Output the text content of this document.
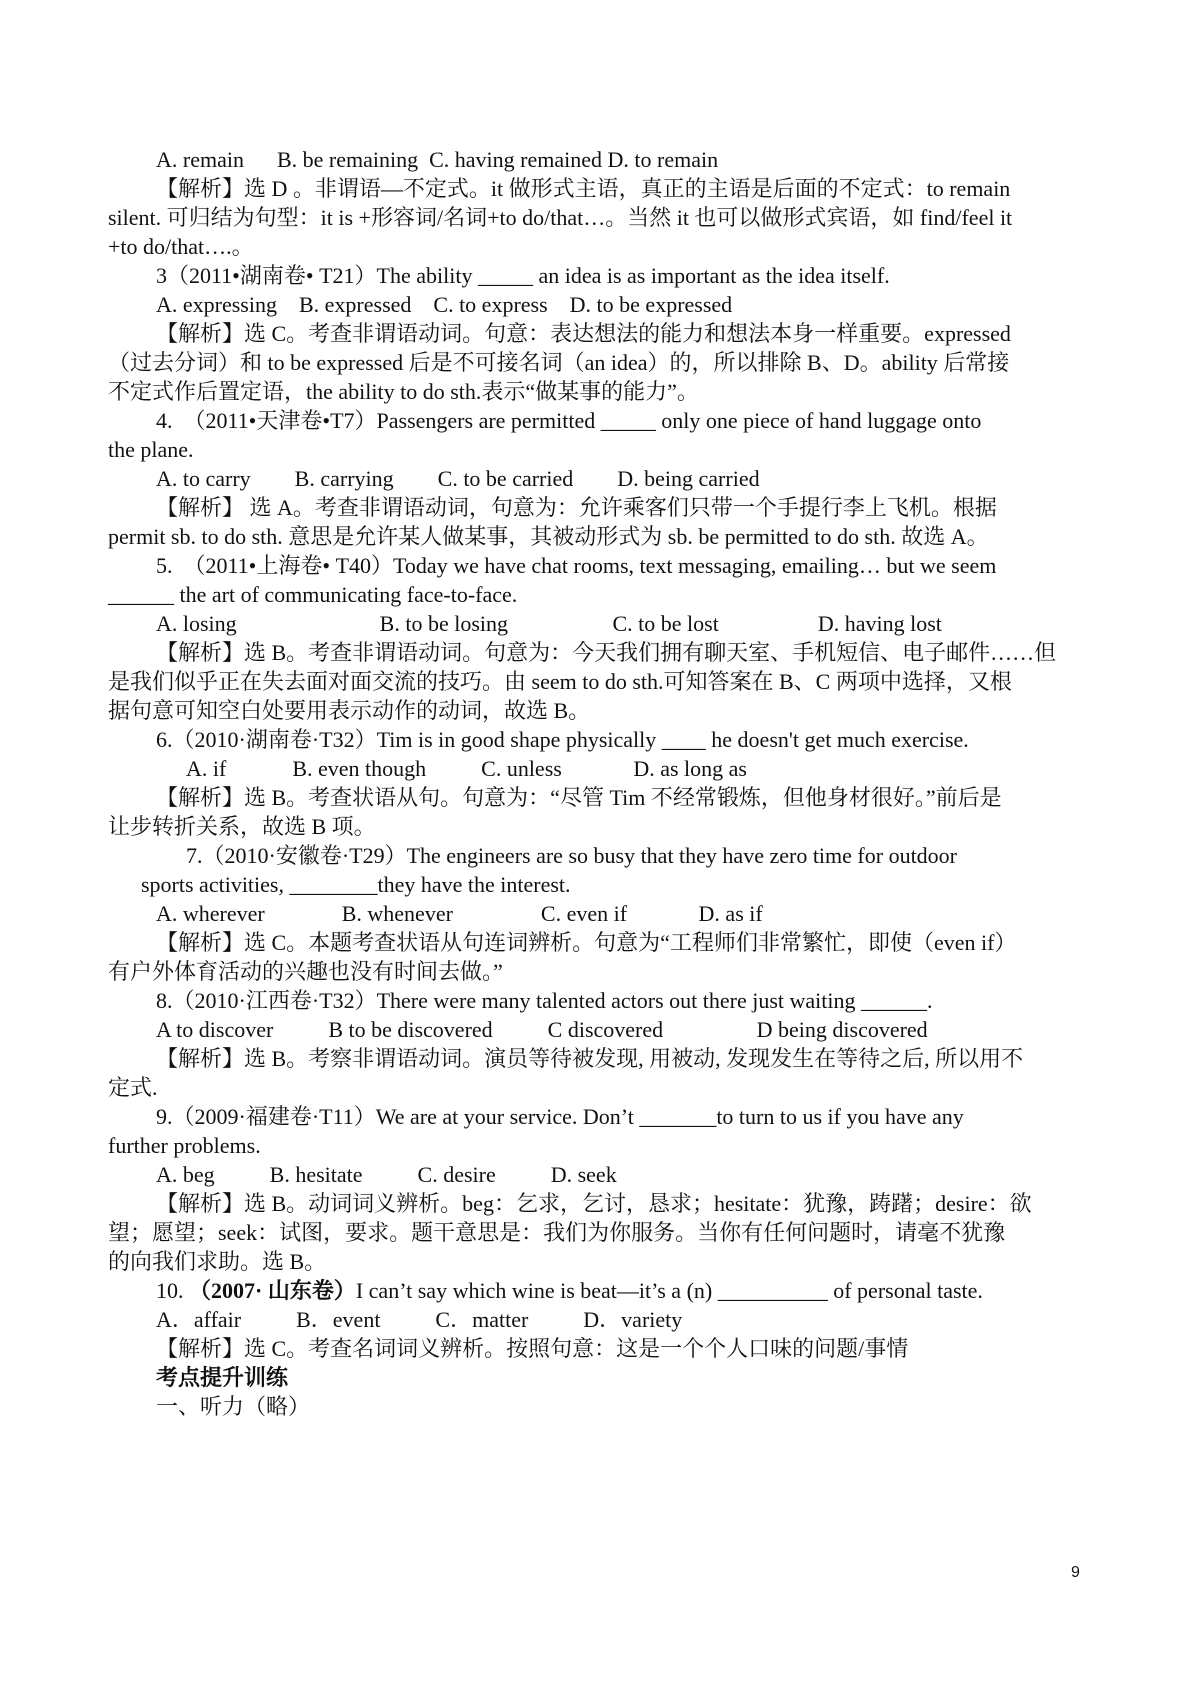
A. remain      B. be remaining  C. having remained D. to remain
【解析】选 D 。非谓语—不定式。it 做形式主语，真正的主语是后面的不定式：to remain
silent. 可归结为句型：it is +形容词/名词+to do/that…。当然 it 也可以做形式宾语，如 find/feel it
+to do/that….。
3（2011•湖南卷• T21）The ability _____ an idea is as important as the idea itself.
A. expressing    B. expressed    C. to express    D. to be expressed
【解析】选 C。考查非谓语动词。句意：表达想法的能力和想法本身一样重要。expressed
（过去分词）和 to be expressed 后是不可接名词（an idea）的，所以排除 B、D。ability 后常接
不定式作后置定语，the ability to do sth.表示“做某事的能力”。
4.  （2011•天津卷•T7）Passengers are permitted _____ only one piece of hand luggage onto
the plane.
A. to carry        B. carrying        C. to be carried        D. being carried
【解析】 选 A。考查非谓语动词，句意为：允许乘客们只带一个手提行李上飞机。根据
permit sb. to do sth. 意思是允许某人做某事，其被动形式为 sb. be permitted to do sth. 故选 A。
5.  （2011•上海卷• T40）Today we have chat rooms, text messaging, emailing… but we seem
______ the art of communicating face-to-face.
A. losing                          B. to be losing                   C. to be lost                  D. having lost
【解析】选 B。考查非谓语动词。句意为：今天我们拥有聊天室、手机短信、电子邮件……但
是我们似乎正在失去面对面交流的技巧。由 seem to do sth.可知答案在 B、C 两项中选择，又根
据句意可知空白处要用表示动作的动词，故选 B。
6.（2010·湖南卷·T32）Tim is in good shape physically ____ he doesn't get much exercise.
A. if            B. even though          C. unless             D. as long as
【解析】选 B。考查状语从句。句意为：“尽管 Tim 不经常锻炼，但他身材很好。”前后是
让步转折关系，故选 B 项。
7.（2010·安徽卷·T29）The engineers are so busy that they have zero time for outdoor
sports activities, ________they have the interest.
A. wherever              B. whenever                C. even if             D. as if
【解析】选 C。本题考查状语从句连词辨析。句意为“工程师们非常繁忙，即使（even if）
有户外体育活动的兴趣也没有时间去做。”
8.（2010·江西卷·T32）There were many talented actors out there just waiting ______.
A to discover          B to be discovered          C discovered                 D being discovered
【解析】选 B。考察非谓语动词。演员等待被发现, 用被动, 发现发生在等待之后, 所以用不
定式.
9.（2009·福建卷·T11）We are at your service. Don’t _______to turn to us if you have any
further problems.
A. beg          B. hesitate          C. desire          D. seek
【解析】选 B。动词词义辨析。beg：乞求，乞讨，恳求；hesitate：犹豫，踌躇；desire：欲
望；愿望；seek：试图，要求。题干意思是：我们为你服务。当你有任何问题时，请毫不犹豫
的向我们求助。选 B。
10. （2007· 山东卷）I can’t say which wine is beat—it’s a (n) __________ of personal taste.
A．affair          B．event          C．matter          D．variety
【解析】选 C。考查名词词义辨析。按照句意：这是一个个人口味的问题/事情
考点提升训练
一、听力（略）
9
